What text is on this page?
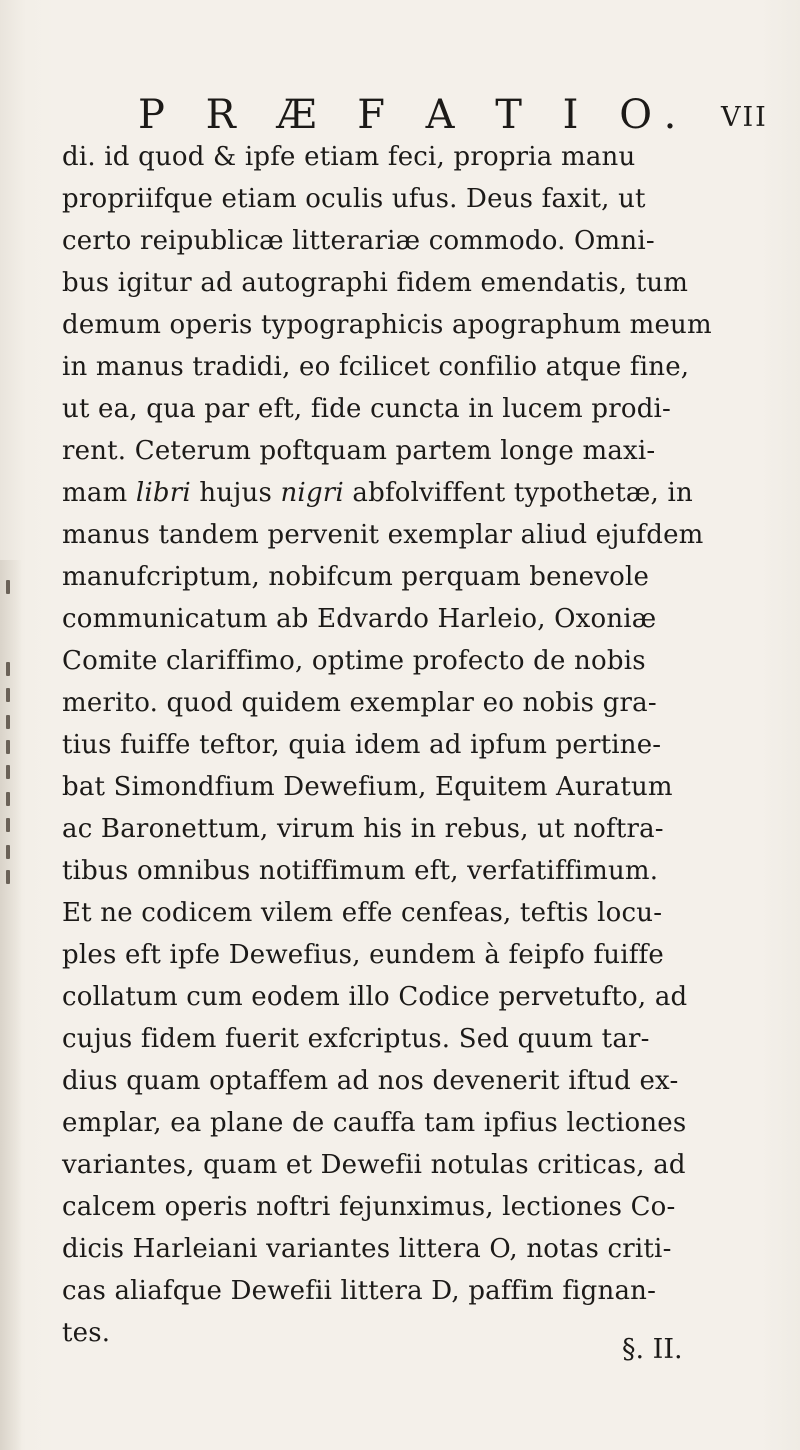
P R Æ F A T I O. VII
di. id quod & ipfe etiam feci, propria manu
propriifque etiam oculis ufus. Deus faxit, ut
certo reipublicæ litterariæ commodo. Omni-
bus igitur ad autographi fidem emendatis, tum
demum operis typographicis apographum meum
in manus tradidi, eo fcilicet confilio atque fine,
ut ea, qua par eft, fide cuncta in lucem prodi-
rent. Ceterum poftquam partem longe maxi-
mam libri hujus nigri abfolviffent typothetæ, in
manus tandem pervenit exemplar aliud ejufdem
manufcriptum, nobifcum perquam benevole
communicatum ab Edvardo Harleio, Oxoniæ
Comite clariffimo, optime profecto de nobis
merito. quod quidem exemplar eo nobis gra-
tius fuiffe teftor, quia idem ad ipfum pertine-
bat Simondfium Dewefium, Equitem Auratum
ac Baronettum, virum his in rebus, ut noftra-
tibus omnibus notiffimum eft, verfatiffimum.
Et ne codicem vilem effe cenfeas, teftis locu-
ples eft ipfe Dewefius, eundem à feipfo fuiffe
collatum cum eodem illo Codice pervetufto, ad
cujus fidem fuerit exfcriptus. Sed quum tar-
dius quam optaffem ad nos devenerit iftud ex-
emplar, ea plane de cauffa tam ipfius lectiones
variantes, quam et Dewefii notulas criticas, ad
calcem operis noftri fejunximus, lectiones Co-
dicis Harleiani variantes littera O, notas criti-
cas aliafque Dewefii littera D, paffim fignan-
tes.
§. II.
